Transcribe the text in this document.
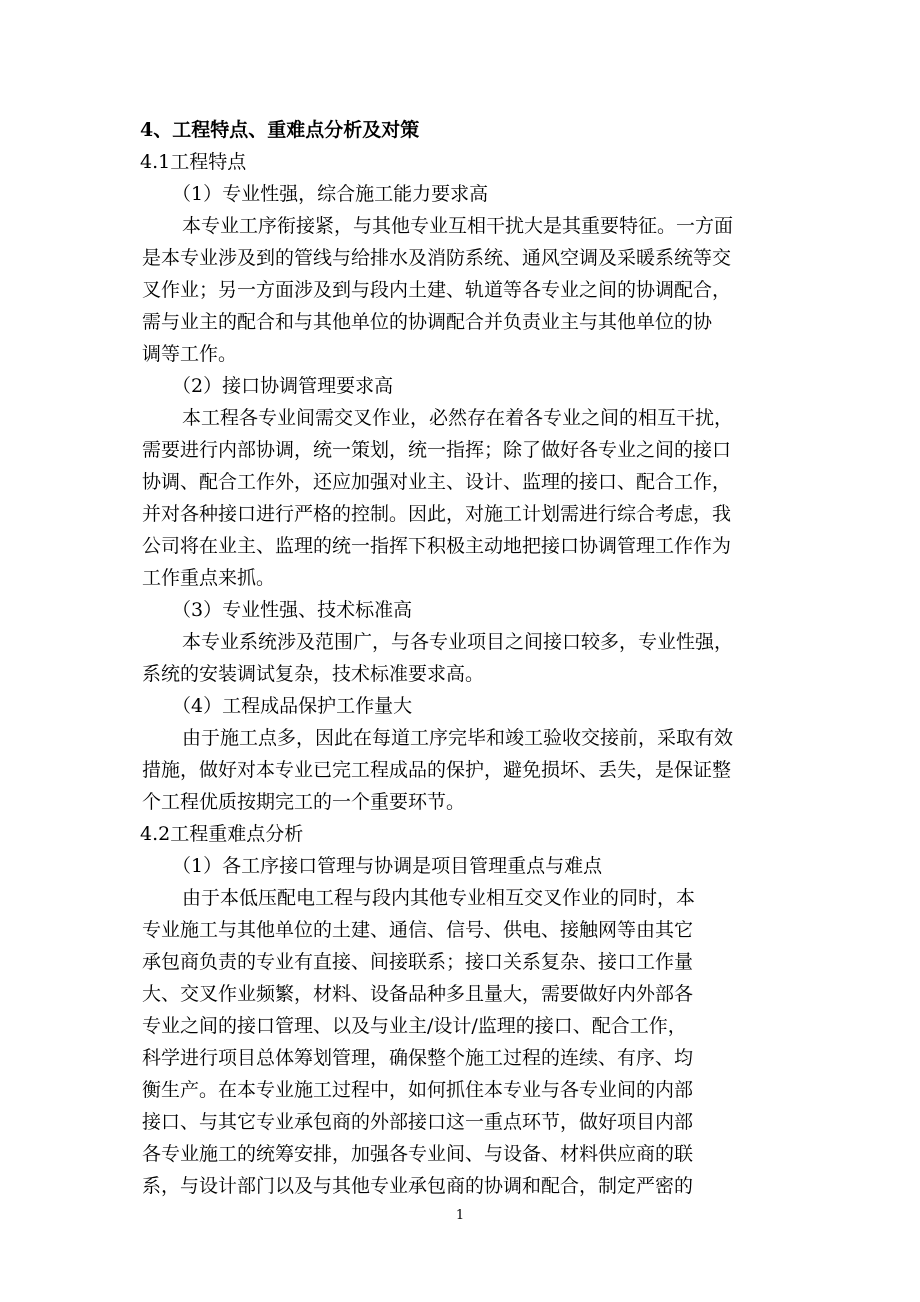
4、工程特点、重难点分析及对策
4.1工程特点
（1）专业性强，综合施工能力要求高
本专业工序衔接紧，与其他专业互相干扰大是其重要特征。一方面
是本专业涉及到的管线与给排水及消防系统、通风空调及采暖系统等交
叉作业；另一方面涉及到与段内土建、轨道等各专业之间的协调配合，
需与业主的配合和与其他单位的协调配合并负责业主与其他单位的协
调等工作。
（2）接口协调管理要求高
本工程各专业间需交叉作业，必然存在着各专业之间的相互干扰，
需要进行内部协调，统一策划，统一指挥；除了做好各专业之间的接口
协调、配合工作外，还应加强对业主、设计、监理的接口、配合工作，
并对各种接口进行严格的控制。因此，对施工计划需进行综合考虑，我
公司将在业主、监理的统一指挥下积极主动地把接口协调管理工作作为
工作重点来抓。
（3）专业性强、技术标准高
本专业系统涉及范围广，与各专业项目之间接口较多，专业性强，
系统的安装调试复杂，技术标准要求高。
（4）工程成品保护工作量大
由于施工点多，因此在每道工序完毕和竣工验收交接前，采取有效
措施，做好对本专业已完工程成品的保护，避免损坏、丢失，是保证整
个工程优质按期完工的一个重要环节。
4.2工程重难点分析
（1）各工序接口管理与协调是项目管理重点与难点
由于本低压配电工程与段内其他专业相互交叉作业的同时，本
专业施工与其他单位的土建、通信、信号、供电、接触网等由其它
承包商负责的专业有直接、间接联系；接口关系复杂、接口工作量
大、交叉作业频繁，材料、设备品种多且量大，需要做好内外部各
专业之间的接口管理、以及与业主/设计/监理的接口、配合工作，
科学进行项目总体筹划管理，确保整个施工过程的连续、有序、均
衡生产。在本专业施工过程中，如何抓住本专业与各专业间的内部
接口、与其它专业承包商的外部接口这一重点环节，做好项目内部
各专业施工的统筹安排，加强各专业间、与设备、材料供应商的联
系，与设计部门以及与其他专业承包商的协调和配合，制定严密的
1
